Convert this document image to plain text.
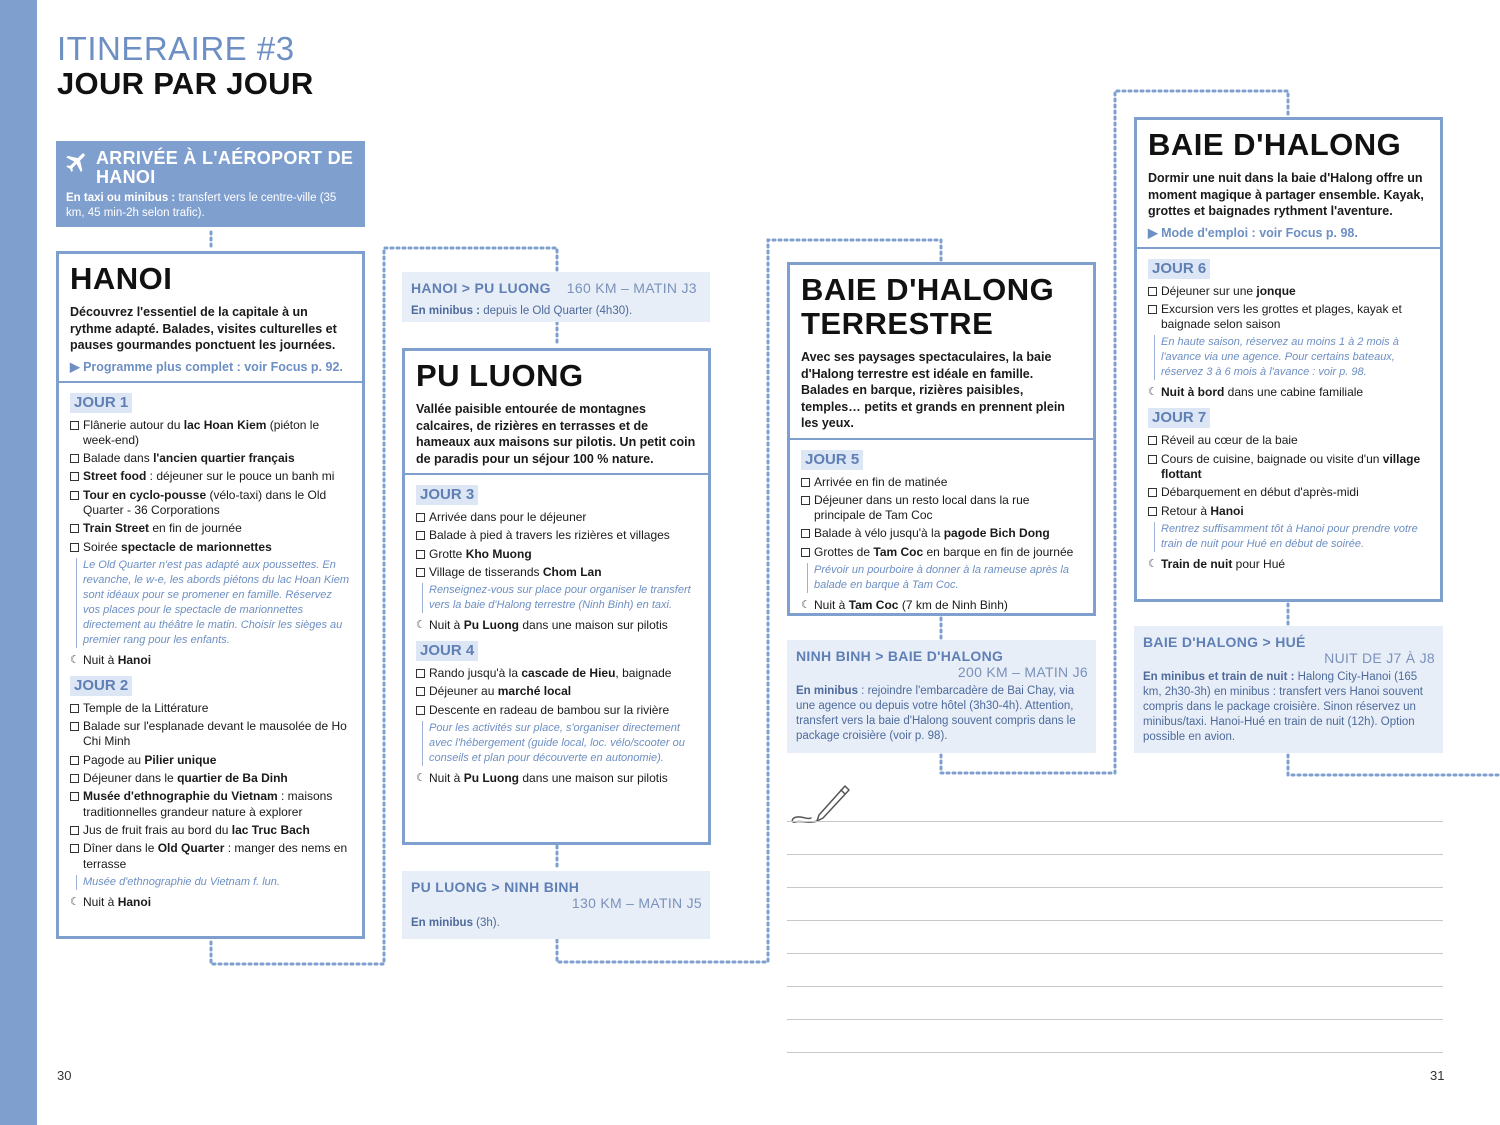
ITINERAIRE #3
JOUR PAR JOUR
ARRIVÉE À L'AÉROPORT DE HANOI
En taxi ou minibus : transfert vers le centre-ville (35 km, 45 min-2h selon trafic).
HANOI

Découvrez l'essentiel de la capitale à un rythme adapté. Balades, visites culturelles et pauses gourmandes ponctuent les journées.

▶ Programme plus complet : voir Focus p. 92.
JOUR 1
Flânerie autour du lac Hoan Kiem (piéton le week-end)
Balade dans l'ancien quartier français
Street food : déjeuner sur le pouce un banh mi
Tour en cyclo-pousse (vélo-taxi) dans le Old Quarter - 36 Corporations
Train Street en fin de journée
Soirée spectacle de marionnettes
Le Old Quarter n'est pas adapté aux poussettes. En revanche, le w-e, les abords piétons du lac Hoan Kiem sont idéaux pour se promener en famille. Réservez vos places pour le spectacle de marionnettes directement au théâtre le matin. Choisir les sièges au premier rang pour les enfants.
☾ Nuit à Hanoi
JOUR 2
Temple de la Littérature
Balade sur l'esplanade devant le mausolée de Ho Chi Minh
Pagode au Pilier unique
Déjeuner dans le quartier de Ba Dinh
Musée d'ethnographie du Vietnam : maisons traditionnelles grandeur nature à explorer
Jus de fruit frais au bord du lac Truc Bach
Dîner dans le Old Quarter : manger des nems en terrasse
Musée d'ethnographie du Vietnam f. lun.
☾ Nuit à Hanoi
HANOI > PU LUONG 160 KM – MATIN J3
En minibus : depuis le Old Quarter (4h30).
PU LUONG

Vallée paisible entourée de montagnes calcaires, de rizières en terrasses et de hameaux aux maisons sur pilotis. Un petit coin de paradis pour un séjour 100 % nature.

JOUR 3
Arrivée dans pour le déjeuner
Balade à pied à travers les rizières et villages
Grotte Kho Muong
Village de tisserands Chom Lan
Renseignez-vous sur place pour organiser le transfert vers la baie d'Halong terrestre (Ninh Binh) en taxi.
☾ Nuit à Pu Luong dans une maison sur pilotis
JOUR 4
Rando jusqu'à la cascade de Hieu, baignade
Déjeuner au marché local
Descente en radeau de bambou sur la rivière
Pour les activités sur place, s'organiser directement avec l'hébergement (guide local, loc. vélo/scooter ou conseils et plan pour découverte en autonomie).
☾ Nuit à Pu Luong dans une maison sur pilotis
PU LUONG > NINH BINH
130 KM – MATIN J5
En minibus (3h).
BAIE D'HALONG
TERRESTRE

Avec ses paysages spectaculaires, la baie d'Halong terrestre est idéale en famille. Balades en barque, rizières paisibles, temples… petits et grands en prennent plein les yeux.

JOUR 5
Arrivée en fin de matinée
Déjeuner dans un resto local dans la rue principale de Tam Coc
Balade à vélo jusqu'à la pagode Bich Dong
Grottes de Tam Coc en barque en fin de journée
Prévoir un pourboire à donner à la rameuse après la balade en barque à Tam Coc.
☾ Nuit à Tam Coc (7 km de Ninh Binh)
NINH BINH > BAIE D'HALONG
200 KM – MATIN J6
En minibus : rejoindre l'embarcadère de Bai Chay, via une agence ou depuis votre hôtel (3h30-4h). Attention, transfert vers la baie d'Halong souvent compris dans le package croisière (voir p. 98).
BAIE D'HALONG

Dormir une nuit dans la baie d'Halong offre un moment magique à partager ensemble. Kayak, grottes et baignades rythment l'aventure.

▶ Mode d'emploi : voir Focus p. 98.
JOUR 6
Déjeuner sur une jonque
Excursion vers les grottes et plages, kayak et baignade selon saison
En haute saison, réservez au moins 1 à 2 mois à l'avance via une agence. Pour certains bateaux, réservez 3 à 6 mois à l'avance : voir p. 98.
☾ Nuit à bord dans une cabine familiale
JOUR 7
Réveil au cœur de la baie
Cours de cuisine, baignade ou visite d'un village flottant
Débarquement en début d'après-midi
Retour à Hanoi
Rentrez suffisamment tôt à Hanoi pour prendre votre train de nuit pour Hué en début de soirée.
☾ Train de nuit pour Hué
BAIE D'HALONG > HUÉ
NUIT DE J7 À J8
En minibus et train de nuit : Halong City-Hanoi (165 km, 2h30-3h) en minibus : transfert vers Hanoi souvent compris dans le package croisière. Sinon réservez un minibus/taxi. Hanoi-Hué en train de nuit (12h). Option possible en avion.
30	31
